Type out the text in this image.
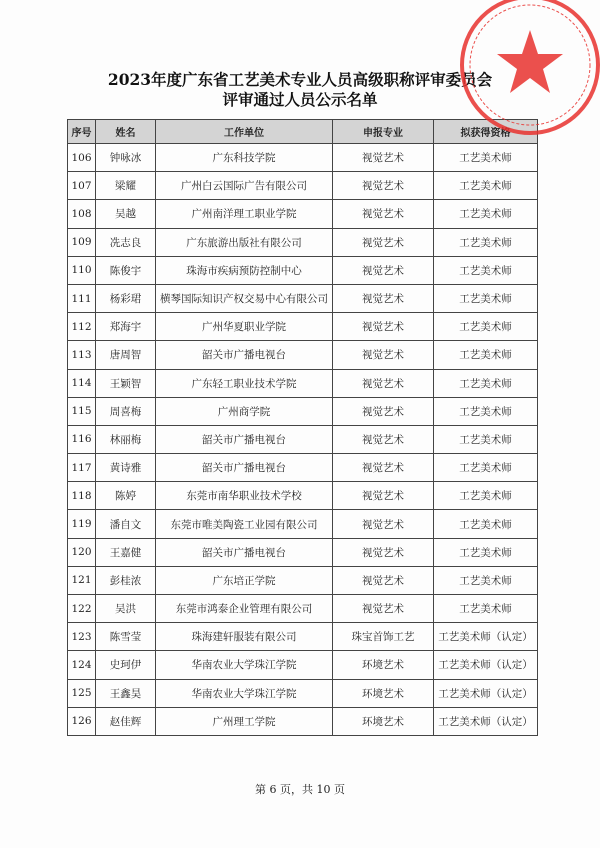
2023年度广东省工艺美术专业人员高级职称评审委员会
评审通过人员公示名单
序号	姓名	工作单位	申报专业	拟获得资格
106	钟咏冰	广东科技学院	视觉艺术	工艺美术师
107	梁耀	广州白云国际广告有限公司	视觉艺术	工艺美术师
108	吴越	广州南洋理工职业学院	视觉艺术	工艺美术师
109	冼志良	广东旅游出版社有限公司	视觉艺术	工艺美术师
110	陈俊宇	珠海市疾病预防控制中心	视觉艺术	工艺美术师
111	杨彩珺	横琴国际知识产权交易中心有限公司	视觉艺术	工艺美术师
112	郑海宇	广州华夏职业学院	视觉艺术	工艺美术师
113	唐周智	韶关市广播电视台	视觉艺术	工艺美术师
114	王颖智	广东轻工职业技术学院	视觉艺术	工艺美术师
115	周喜梅	广州商学院	视觉艺术	工艺美术师
116	林丽梅	韶关市广播电视台	视觉艺术	工艺美术师
117	黄诗雅	韶关市广播电视台	视觉艺术	工艺美术师
118	陈婷	东莞市南华职业技术学校	视觉艺术	工艺美术师
119	潘自文	东莞市唯美陶瓷工业园有限公司	视觉艺术	工艺美术师
120	王嘉健	韶关市广播电视台	视觉艺术	工艺美术师
121	彭桂浓	广东培正学院	视觉艺术	工艺美术师
122	吴洪	东莞市鸿泰企业管理有限公司	视觉艺术	工艺美术师
123	陈雪莹	珠海建轩服装有限公司	珠宝首饰工艺	工艺美术师（认定）
124	史珂伊	华南农业大学珠江学院	环境艺术	工艺美术师（认定）
125	王鑫昊	华南农业大学珠江学院	环境艺术	工艺美术师（认定）
126	赵佳辉	广州理工学院	环境艺术	工艺美术师（认定）
第 6 页，共 10 页
